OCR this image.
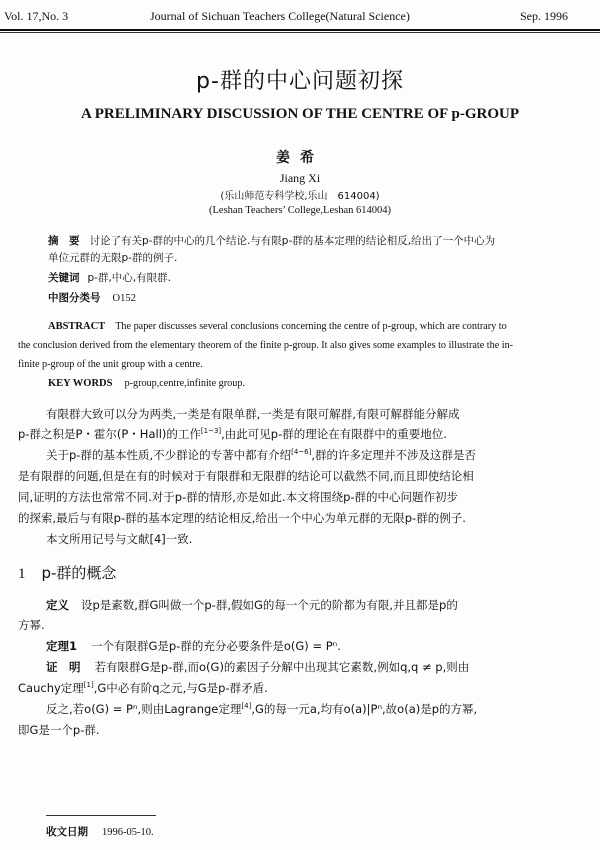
Vol. 17,No. 3	Journal of Sichuan Teachers College(Natural Science)	Sep. 1996
p-群的中心问题初探
A PRELIMINARY DISCUSSION OF THE CENTRE OF p-GROUP
姜希
Jiang Xi
(乐山师范专科学校,乐山　614004)
(Leshan Teachers’ College,Leshan 614004)
摘　要 讨论了有关p-群的中心的几个结论.与有限p-群的基本定理的结论相反,给出了一个中心为
单位元群的无限p-群的例子.
关键词 p-群,中心,有限群.
中图分类号 O152
ABSTRACT The paper discusses several conclusions concerning the centre of p-group, which are contrary to
the conclusion derived from the elementary theorem of the finite p-group. It also gives some examples to illustrate the in-
finite p-group of the unit group with a centre.
KEY WORDS p-group,centre,infinite group.
有限群大致可以分为两类,一类是有限单群,一类是有限可解群,有限可解群能分解成
p-群之积是P・霍尔(P・Hall)的工作[1~3],由此可见p-群的理论在有限群中的重要地位.
关于p-群的基本性质,不少群论的专著中都有介绍[4~6],群的许多定理并不涉及这群是否
是有限群的问题,但是在有的时候对于有限群和无限群的结论可以截然不同,而且即使结论相
同,证明的方法也常常不同.对于p-群的情形,亦是如此.本文将围绕p-群的中心问题作初步
的探索,最后与有限p-群的基本定理的结论相反,给出一个中心为单元群的无限p-群的例子.
本文所用记号与文献[4]一致.
1 p-群的概念
定义 设p是素数,群G叫做一个p-群,假如G的每一个元的阶都为有限,并且都是p的
方幂.
定理1 一个有限群G是p-群的充分必要条件是o(G) = Pⁿ.
证　明 若有限群G是p-群,而o(G)的素因子分解中出现其它素数,例如q,q ≠ p,则由
Cauchy定理[1],G中必有阶q之元,与G是p-群矛盾.
反之,若o(G) = Pⁿ,则由Lagrange定理[4],G的每一元a,均有o(a)|Pⁿ,故o(a)是p的方幂,
即G是一个p-群.
收文日期 1996-05-10.
